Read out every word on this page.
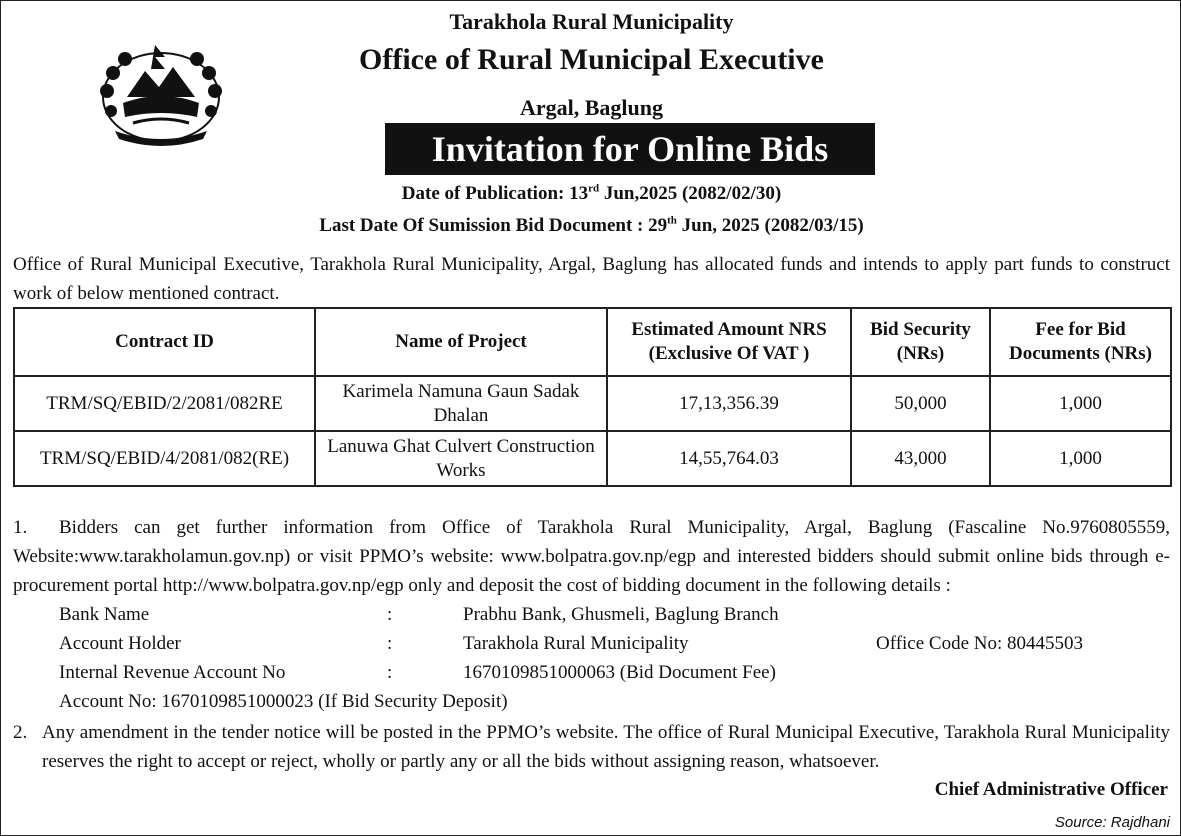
Tarakhola Rural Municipality
Office of Rural Municipal Executive
Argal, Baglung
Invitation for Online Bids
Date of Publication: 13rd Jun,2025 (2082/02/30)
Last Date Of Sumission Bid Document : 29th Jun, 2025 (2082/03/15)
Office of Rural Municipal Executive, Tarakhola Rural Municipality, Argal, Baglung has allocated funds and intends to apply part funds to construct work of below mentioned contract.
Contract ID	Name of Project	Estimated Amount NRS (Exclusive Of VAT )	Bid Security (NRs)	Fee for Bid Documents (NRs)
TRM/SQ/EBID/2/2081/082RE	Karimela Namuna Gaun Sadak Dhalan	17,13,356.39	50,000	1,000
TRM/SQ/EBID/4/2081/082(RE)	Lanuwa Ghat Culvert Construction Works	14,55,764.03	43,000	1,000
1. Bidders can get further information from Office of Tarakhola Rural Municipality, Argal, Baglung (Fascaline No.9760805559, Website:www.tarakholamun.gov.np) or visit PPMO’s website: www.bolpatra.gov.np/egp and interested bidders should submit online bids through e-procurement portal http://www.bolpatra.gov.np/egp only and deposit the cost of bidding document in the following details :
Bank Name	:	Prabhu Bank, Ghusmeli, Baglung Branch
Account Holder	:	Tarakhola Rural Municipality	Office Code No: 80445503
Internal Revenue Account No	:	1670109851000063 (Bid Document Fee)
Account No: 1670109851000023 (If Bid Security Deposit)
2. Any amendment in the tender notice will be posted in the PPMO’s website. The office of Rural Municipal Executive, Tarakhola Rural Municipality reserves the right to accept or reject, wholly or partly any or all the bids without assigning reason, whatsoever.
Chief Administrative Officer
Source: Rajdhani
